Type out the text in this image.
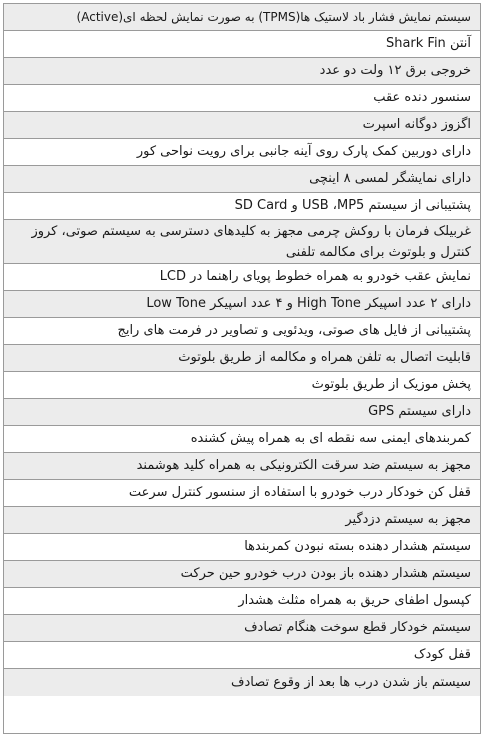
سیستم نمایش فشار باد لاستیک ها(TPMS) به صورت نمایش لحظه ای(Active)
آنتن Shark Fin
خروجی برق ۱۲ ولت دو عدد
سنسور دنده عقب
اگزوز دوگانه اسپرت
دارای دوربین کمک پارک روی آینه جانبی برای رویت نواحی کور
دارای نمایشگر لمسی ۸ اینچی
پشتیبانی از سیستم USB ،MP5 و SD Card
غربیلک فرمان با روکش چرمی مجهز به کلیدهای دسترسی به سیستم صوتی، کروز کنترل و بلوتوث برای مکالمه تلفنی
نمایش عقب خودرو به همراه خطوط پویای راهنما در LCD
دارای ۲ عدد اسپیکر High Tone و ۴ عدد اسپیکر Low Tone
پشتیبانی از فایل های صوتی، ویدئویی و تصاویر در فرمت های رایج
قابلیت اتصال به تلفن همراه و مکالمه از طریق بلوتوث
پخش موزیک از طریق بلوتوث
دارای سیستم GPS
کمربندهای ایمنی سه نقطه ای به همراه پیش کشنده
مجهز به سیستم ضد سرقت الکترونیکی به همراه کلید هوشمند
قفل کن خودکار درب خودرو با استفاده از سنسور کنترل سرعت
مجهز به سیستم دزدگیر
سیستم هشدار دهنده بسته نبودن کمربندها
سیستم هشدار دهنده باز بودن درب خودرو حین حرکت
کپسول اطفای حریق به همراه مثلث هشدار
سیستم خودکار قطع سوخت هنگام تصادف
قفل کودک
سیستم باز شدن درب ها بعد از وقوع تصادف
